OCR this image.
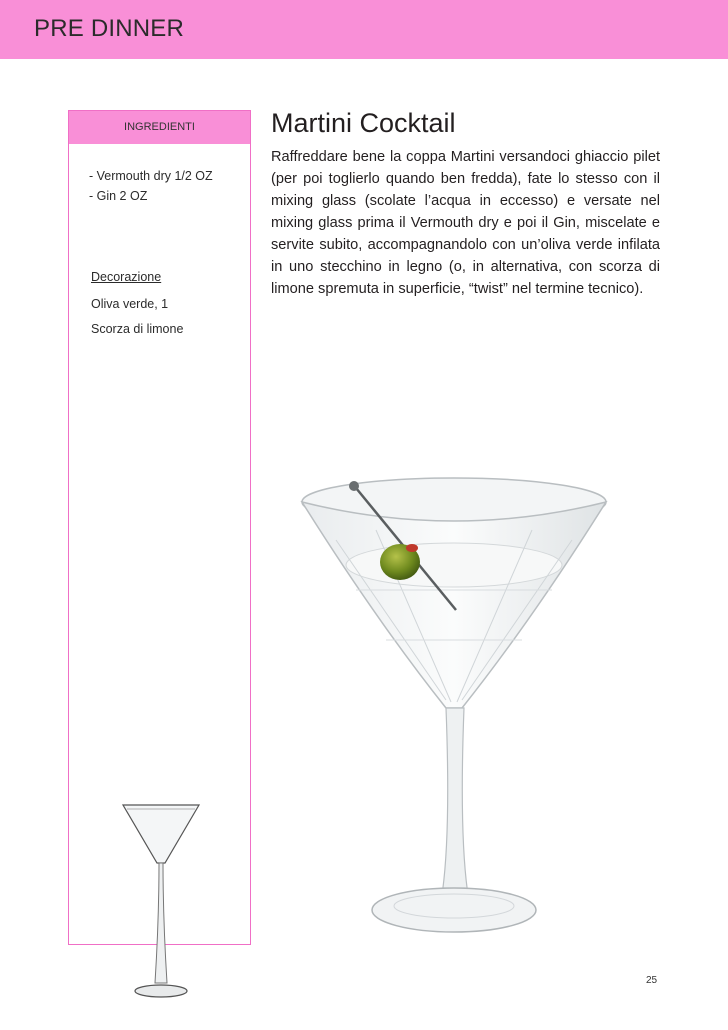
PRE DINNER
INGREDIENTI
- Vermouth dry 1/2 OZ
- Gin 2 OZ
Decorazione
Oliva verde, 1
Scorza di limone
Martini Cocktail

Raffreddare bene la coppa Martini versandoci ghiaccio pilet (per poi toglierlo quando ben fredda), fate lo stesso con il mixing glass (scolate l’acqua in eccesso) e versate nel mixing glass prima il Vermouth dry e poi il Gin, miscelate e servite subito, accompagnandolo con un’oliva verde infilata in uno stecchino in legno (o, in alternativa, con scorza di limone spremuta in superficie, “twist” nel termine tecnico).

25
